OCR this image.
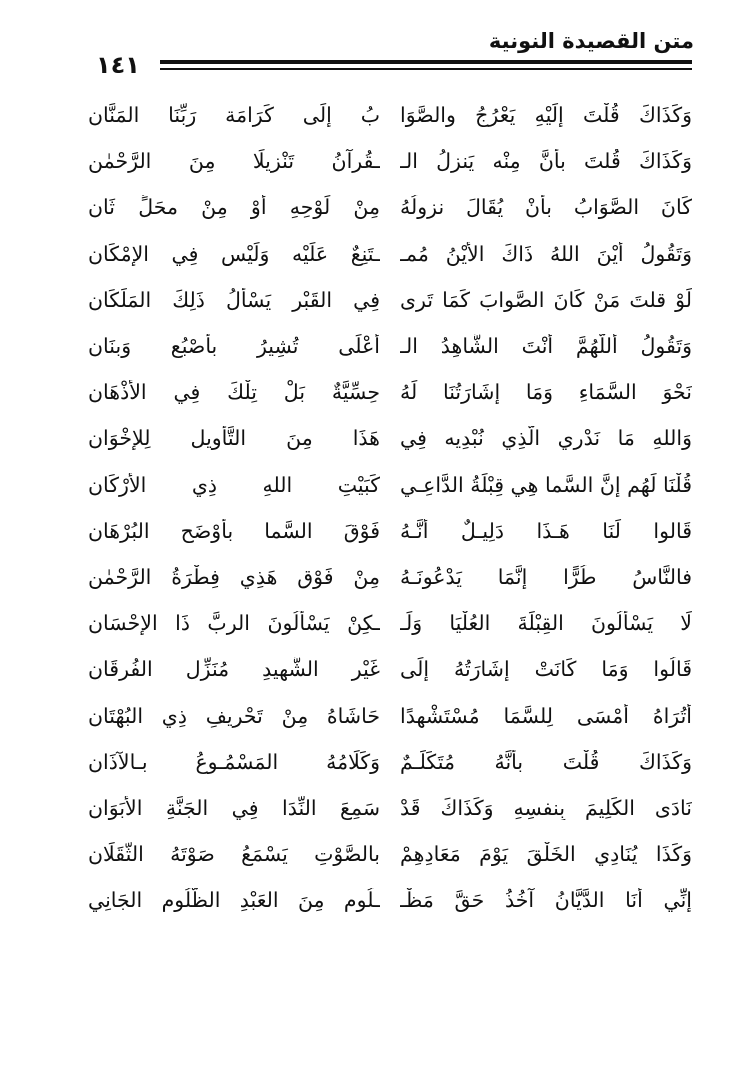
متن القصيدة النونية
١٤١
وَكَذَاكَ قُلْتَ إِلَيْهِ يَعْرُجُ والصَّوَا
بُ إِلَى كَرَامَة رَبِّنَا المَنَّانِ
وَكَذَاكَ قُلتَ بأَنَّ مِنْه يَنزِلُ الـ
ـقُرآنُ تَنْزِيلًا مِنَ الرَّحْمٰنِ
كَانَ الصَّوَابُ بأَنْ يُقَالَ نزولُهُ
مِنْ لَوْحِهِ أَوْ مِنْ محَلٍّ ثَانِ
وَتَقُولُ أَيْنَ اللهُ ذَاكَ الأَيْنُ مُمـ
ـتَنِعٌ عَلَيْه وَلَيْس فِي الإِمْكَانِ
لَوْ قلتَ مَنْ كَانَ الصَّوابَ كَمَا تَرى
فِي القَبْرِ يَسْأَلُ ذَلِكَ المَلَكَانِ
وَتَقُولُ أَللَّهُمَّ أَنْتَ الشَّاهِدُ الـ
أَعْلَى تُشِيرُ بأُصْبُعٍ وَبنَانِ
نَحْوَ السَّمَاءِ وَمَا إِشَارَتُنَا لَهُ
حِسِّيَّةٌ بَلْ تِلْكَ فِي الأَذْهَانِ
وَاللهِ مَا نَدْرِي الَّذِي نُبْدِيه فِي
هَذَا مِنَ التَّأْوِيلِ لِلإِخْوَانِ
قُلْنَا لَهُم إِنَّ السَّما هِي قِبْلَةُ الدَّاعِـي
كَبَيْتِ اللهِ ذِي الأَرْكَانِ
قَالوا لَنَا هَـذَا دَلِيـلٌ أَنَّـهُ
فَوْقَ السَّما بأَوْضَحِ البُرْهَانِ
فالنَّاسُ طُرًّا إِنَّمَا يَدْعُونَـهُ
مِنْ فَوْقِ هَذِي فِطْرَةُ الرَّحْمٰنِ
لَا يَسْأَلُونَ القِبْلَةَ العُلْيَا وَلَـ
ـكِنْ يَسْأَلُونَ الربَّ ذَا الإِحْسَانِ
قَالُوا وَمَا كَانَتْ إِشَارَتُهُ إِلَى
غَيْرِ الشَّهِيدِ مُنَزِّلِ الفُرقَانِ
أَتُرَاهُ أَمْسَى لِلسَّمَا مُسْتَشْهِدًا
حَاشَاهُ مِنْ تَحْرِيفِ ذِي البُهْتَانِ
وَكَذَاكَ قُلْتَ بأَنَّهُ مُتَكَلِّـمٌ
وَكَلَامُهُ المَسْمُـوعُ بـالآذَانِ
نَادَى الكَلِيمَ بِنفسِهِ وَكَذَاكَ قَدْ
سَمِعَ النِّدَا فِي الجَنَّةِ الأَبَوَانِ
وَكَذَا يُنَادِي الخَلْقَ يَوْمَ مَعَادِهِمْ
بالصَّوْتِ يَسْمَعُ صَوْتَهُ الثَّقَلَانِ
إِنِّي أَنَا الدَّيَّانُ آخُذُ حَقَّ مَظْـ
ـلُومٍ مِنَ العَبْدِ الظَّلُومِ الجَانِي
